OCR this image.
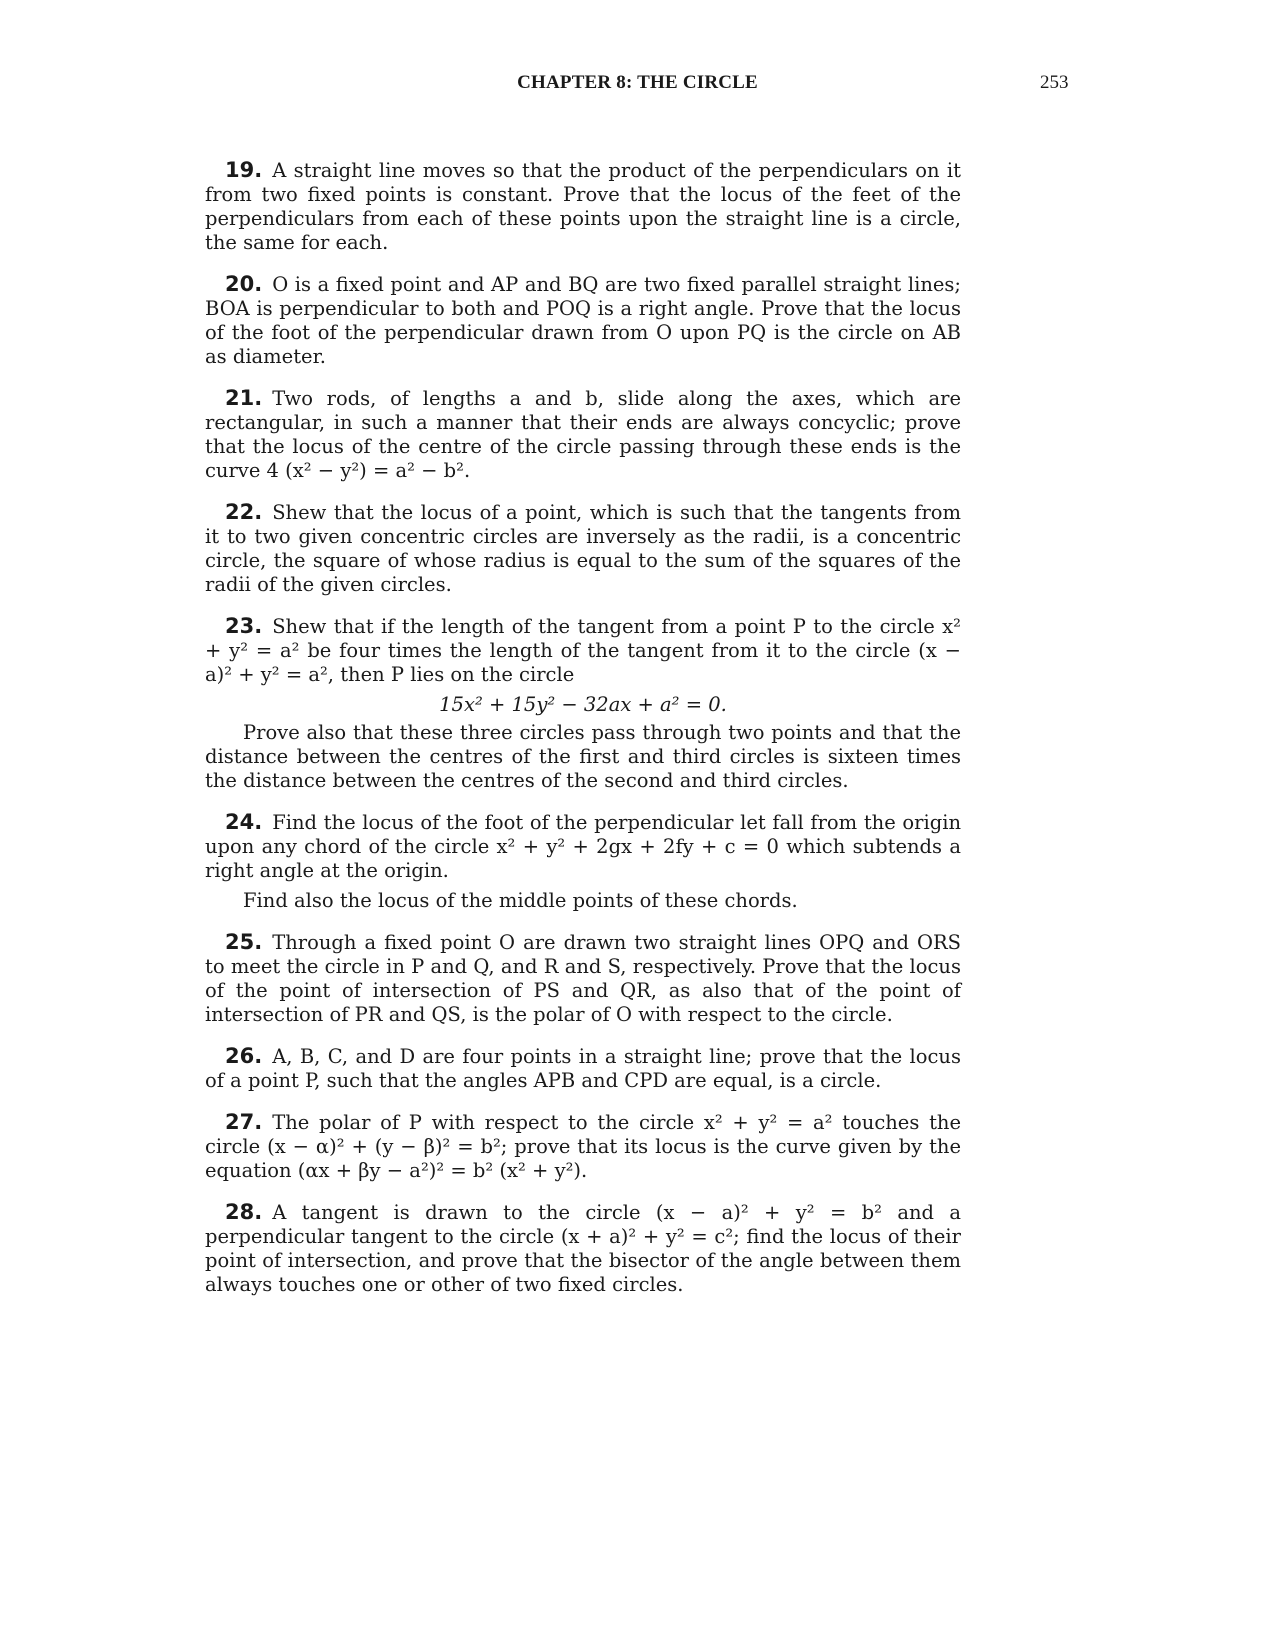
CHAPTER 8: THE CIRCLE	253

19. A straight line moves so that the product of the perpendiculars on it from two fixed points is constant. Prove that the locus of the feet of the perpendiculars from each of these points upon the straight line is a circle, the same for each.

20. O is a fixed point and AP and BQ are two fixed parallel straight lines; BOA is perpendicular to both and POQ is a right angle. Prove that the locus of the foot of the perpendicular drawn from O upon PQ is the circle on AB as diameter.

21. Two rods, of lengths a and b, slide along the axes, which are rectangular, in such a manner that their ends are always concyclic; prove that the locus of the centre of the circle passing through these ends is the curve 4 (x² − y²) = a² − b².

22. Shew that the locus of a point, which is such that the tangents from it to two given concentric circles are inversely as the radii, is a concentric circle, the square of whose radius is equal to the sum of the squares of the radii of the given circles.

23. Shew that if the length of the tangent from a point P to the circle x² + y² = a² be four times the length of the tangent from it to the circle (x − a)² + y² = a², then P lies on the circle

15x² + 15y² − 32ax + a² = 0.

Prove also that these three circles pass through two points and that the distance between the centres of the first and third circles is sixteen times the distance between the centres of the second and third circles.

24. Find the locus of the foot of the perpendicular let fall from the origin upon any chord of the circle x² + y² + 2gx + 2fy + c = 0 which subtends a right angle at the origin.

Find also the locus of the middle points of these chords.

25. Through a fixed point O are drawn two straight lines OPQ and ORS to meet the circle in P and Q, and R and S, respectively. Prove that the locus of the point of intersection of PS and QR, as also that of the point of intersection of PR and QS, is the polar of O with respect to the circle.

26. A, B, C, and D are four points in a straight line; prove that the locus of a point P, such that the angles APB and CPD are equal, is a circle.

27. The polar of P with respect to the circle x² + y² = a² touches the circle (x − α)² + (y − β)² = b²; prove that its locus is the curve given by the equation (αx + βy − a²)² = b² (x² + y²).

28. A tangent is drawn to the circle (x − a)² + y² = b² and a perpendicular tangent to the circle (x + a)² + y² = c²; find the locus of their point of intersection, and prove that the bisector of the angle between them always touches one or other of two fixed circles.
